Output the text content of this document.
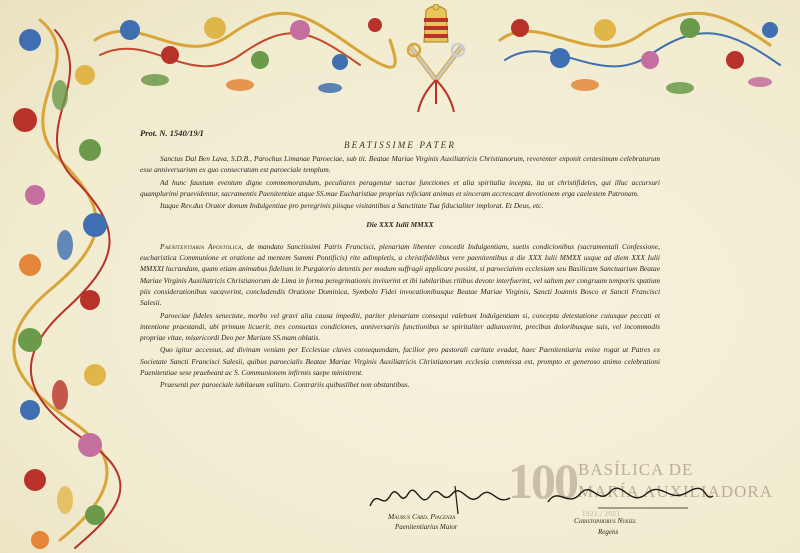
Prot. N. 1540/19/I
BEATISSIME PATER

Sanctus Dal Ben Lava, S.D.B., Parochus Limanae Paroeciae, sub tit. Beatae Mariae Virginis Auxiliatricis Christianorum, reverenter exponit centesimum celebraturum esse anniversarium ex quo consecratum est paroeciale templum.

Ad hunc faustum eventum digne commemorandum, peculiares peragentur sacrae functiones et alia spiritalia incepta, ita ut christifideles, qui illuc accursuri quamplurimi praevidentur, sacramentis Paenitentiae atque SS.mae Eucharistiae proprias reficiant animas et sinceram accrescant devotionem erga caelestem Patronam.

Itaque Rev.dus Orator donum Indulgentiae pro peregrinis piisque visitantibus a Sanctitate Tua fiducialiter implorat. Et Deus, etc.

Die XXX Iulii MMXX

Paenitentiaria Apostolica, de mandato Sanctissimi Patris Francisci, plenariam libenter concedit Indulgentiam, suetis condicionibus (sacramentali Confessione, eucharistica Communione et oratione ad mentem Summi Pontificis) rite adimpletis, a christifidelibus vere paenitentibus a die XXX Iulii MMXX usque ad diem XXX Iulii MMXXI lucrandam, quam etiam animabus fidelium in Purgatorio detentis per modum suffragii applicare possint, si paroecialem ecclesiam seu Basilicam Sanctuarium Beatae Mariae Virginis Auxiliatricis Christianorum de Lima in forma peregrinationis inviserint et ibi iubilaribus ritibus devote interfuerint, vel saltem per congruum temporis spatium piis considerationibus vacaverint, concludendis Oratione Dominica, Symbolo Fidei invocationibusque Beatae Mariae Virginis, Sancti Ioannis Bosco et Sancti Francisci Salesii.

Paroeciae fideles senectute, morbo vel gravi alia causa impediti, pariter plenariam consequi valebunt Indulgentiam si, concepta detestatione cuiusque peccati et intentione praestandi, ubi primum licuerit, tres consuetas condiciones, anniversariis functionibus se spiritaliter adiunxerint, precibus doloribusque suis, vel incommodis propriae vitae, misericordi Deo per Mariam SS.mam oblatis.

Quo igitur accessus, ad divinam veniam per Ecclesiae claves consequendam, facilior pro pastorali caritate evadat, haec Paenitentiaria enixe rogat ut Patres ex Societate Sancti Francisci Salesii, quibus paroecialis Beatae Mariae Virginis Auxiliatricis Christianorum ecclesia commissa est, prompto et generoso animo celebrationi Paenitentiae sese praebeant ac S. Communionem infirmis saepe ministrent.

Praesenti per paroeciale iubilaeum valituro. Contrariis quibuslibet non obstantibus.

100 BASÍLICA DE
MARÍA AUXILIADORA
1921 | 2021
Maurus Card. Piacenza
Paenitentiarius Maior
Christophorus Nykiel
Regens
